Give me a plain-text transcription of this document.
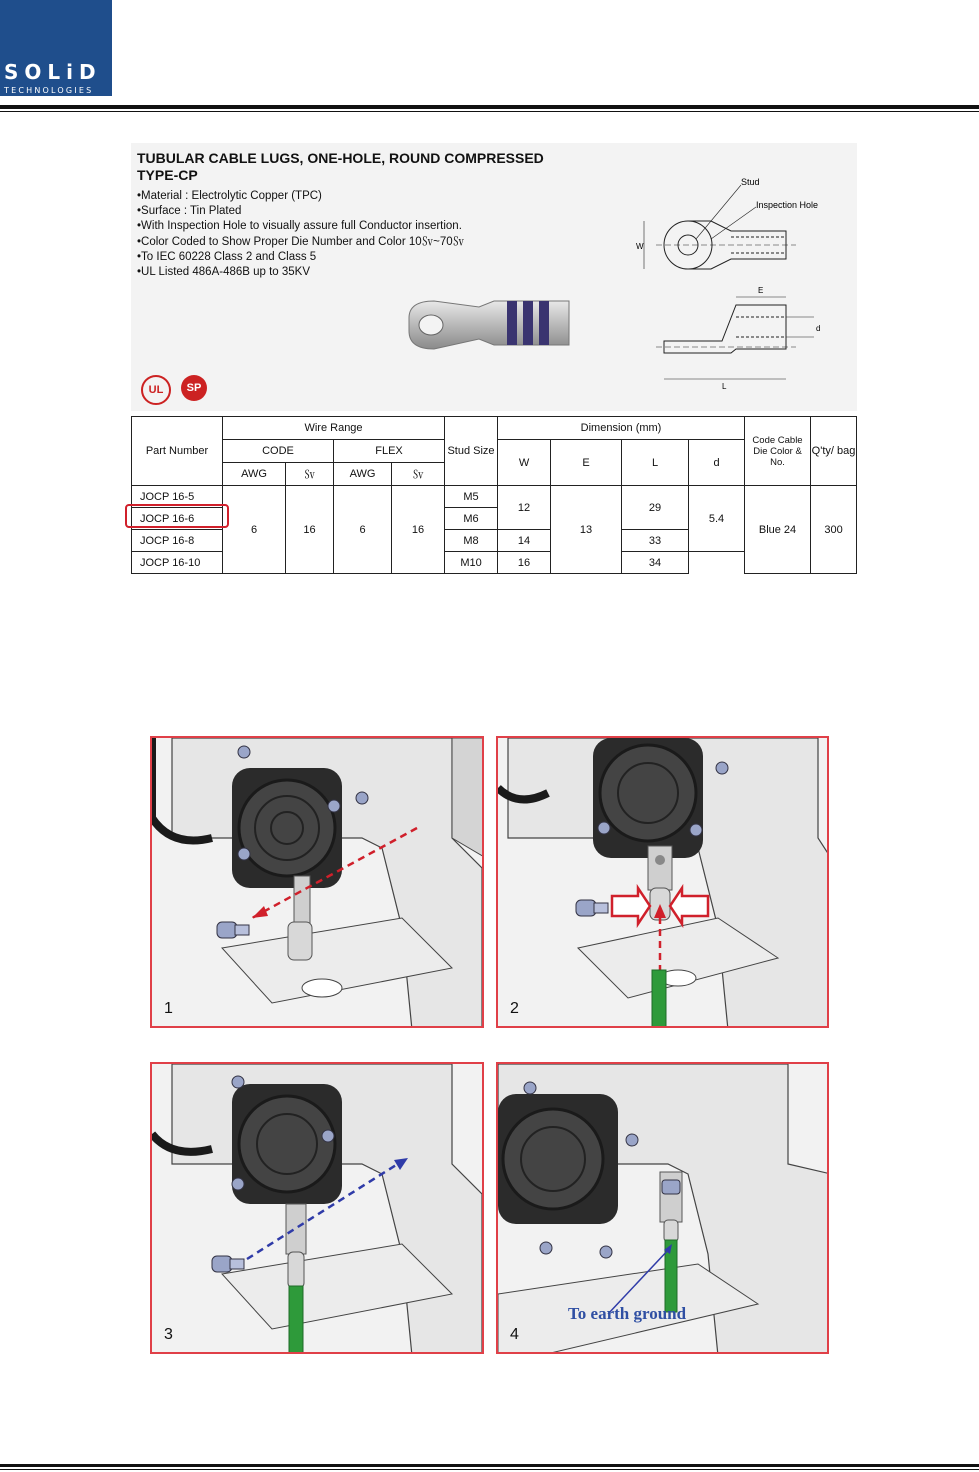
SOLiD
TECHNOLOGIES
TUBULAR CABLE LUGS, ONE-HOLE, ROUND COMPRESSED
TYPE-CP
• Material : Electrolytic Copper (TPC)
• Surface : Tin Plated
• With Inspection Hole to visually assure full Conductor insertion.
• Color Coded to Show Proper Die Number and Color 10㏜~70㏜
• To IEC 60228 Class 2 and Class 5
• UL Listed 486A-486B up to 35KV
UL	SP
W
Stud
Inspection Hole
E
d
L
Part Number	Wire Range				Stud Size	Dimension (mm)				Code Cable Die Color & No.	Q'ty/ bag
	CODE		FLEX			W	E	L	d		
	AWG	㏜	AWG	㏜							
JOCP 16-5	6	16	6	16	M5	12	13	29	5.4	Blue 24	300
JOCP 16-6					M6						
JOCP 16-8					M8	14		33			
JOCP 16-10					M10	16		34			
1	2
3
To earth ground
4
